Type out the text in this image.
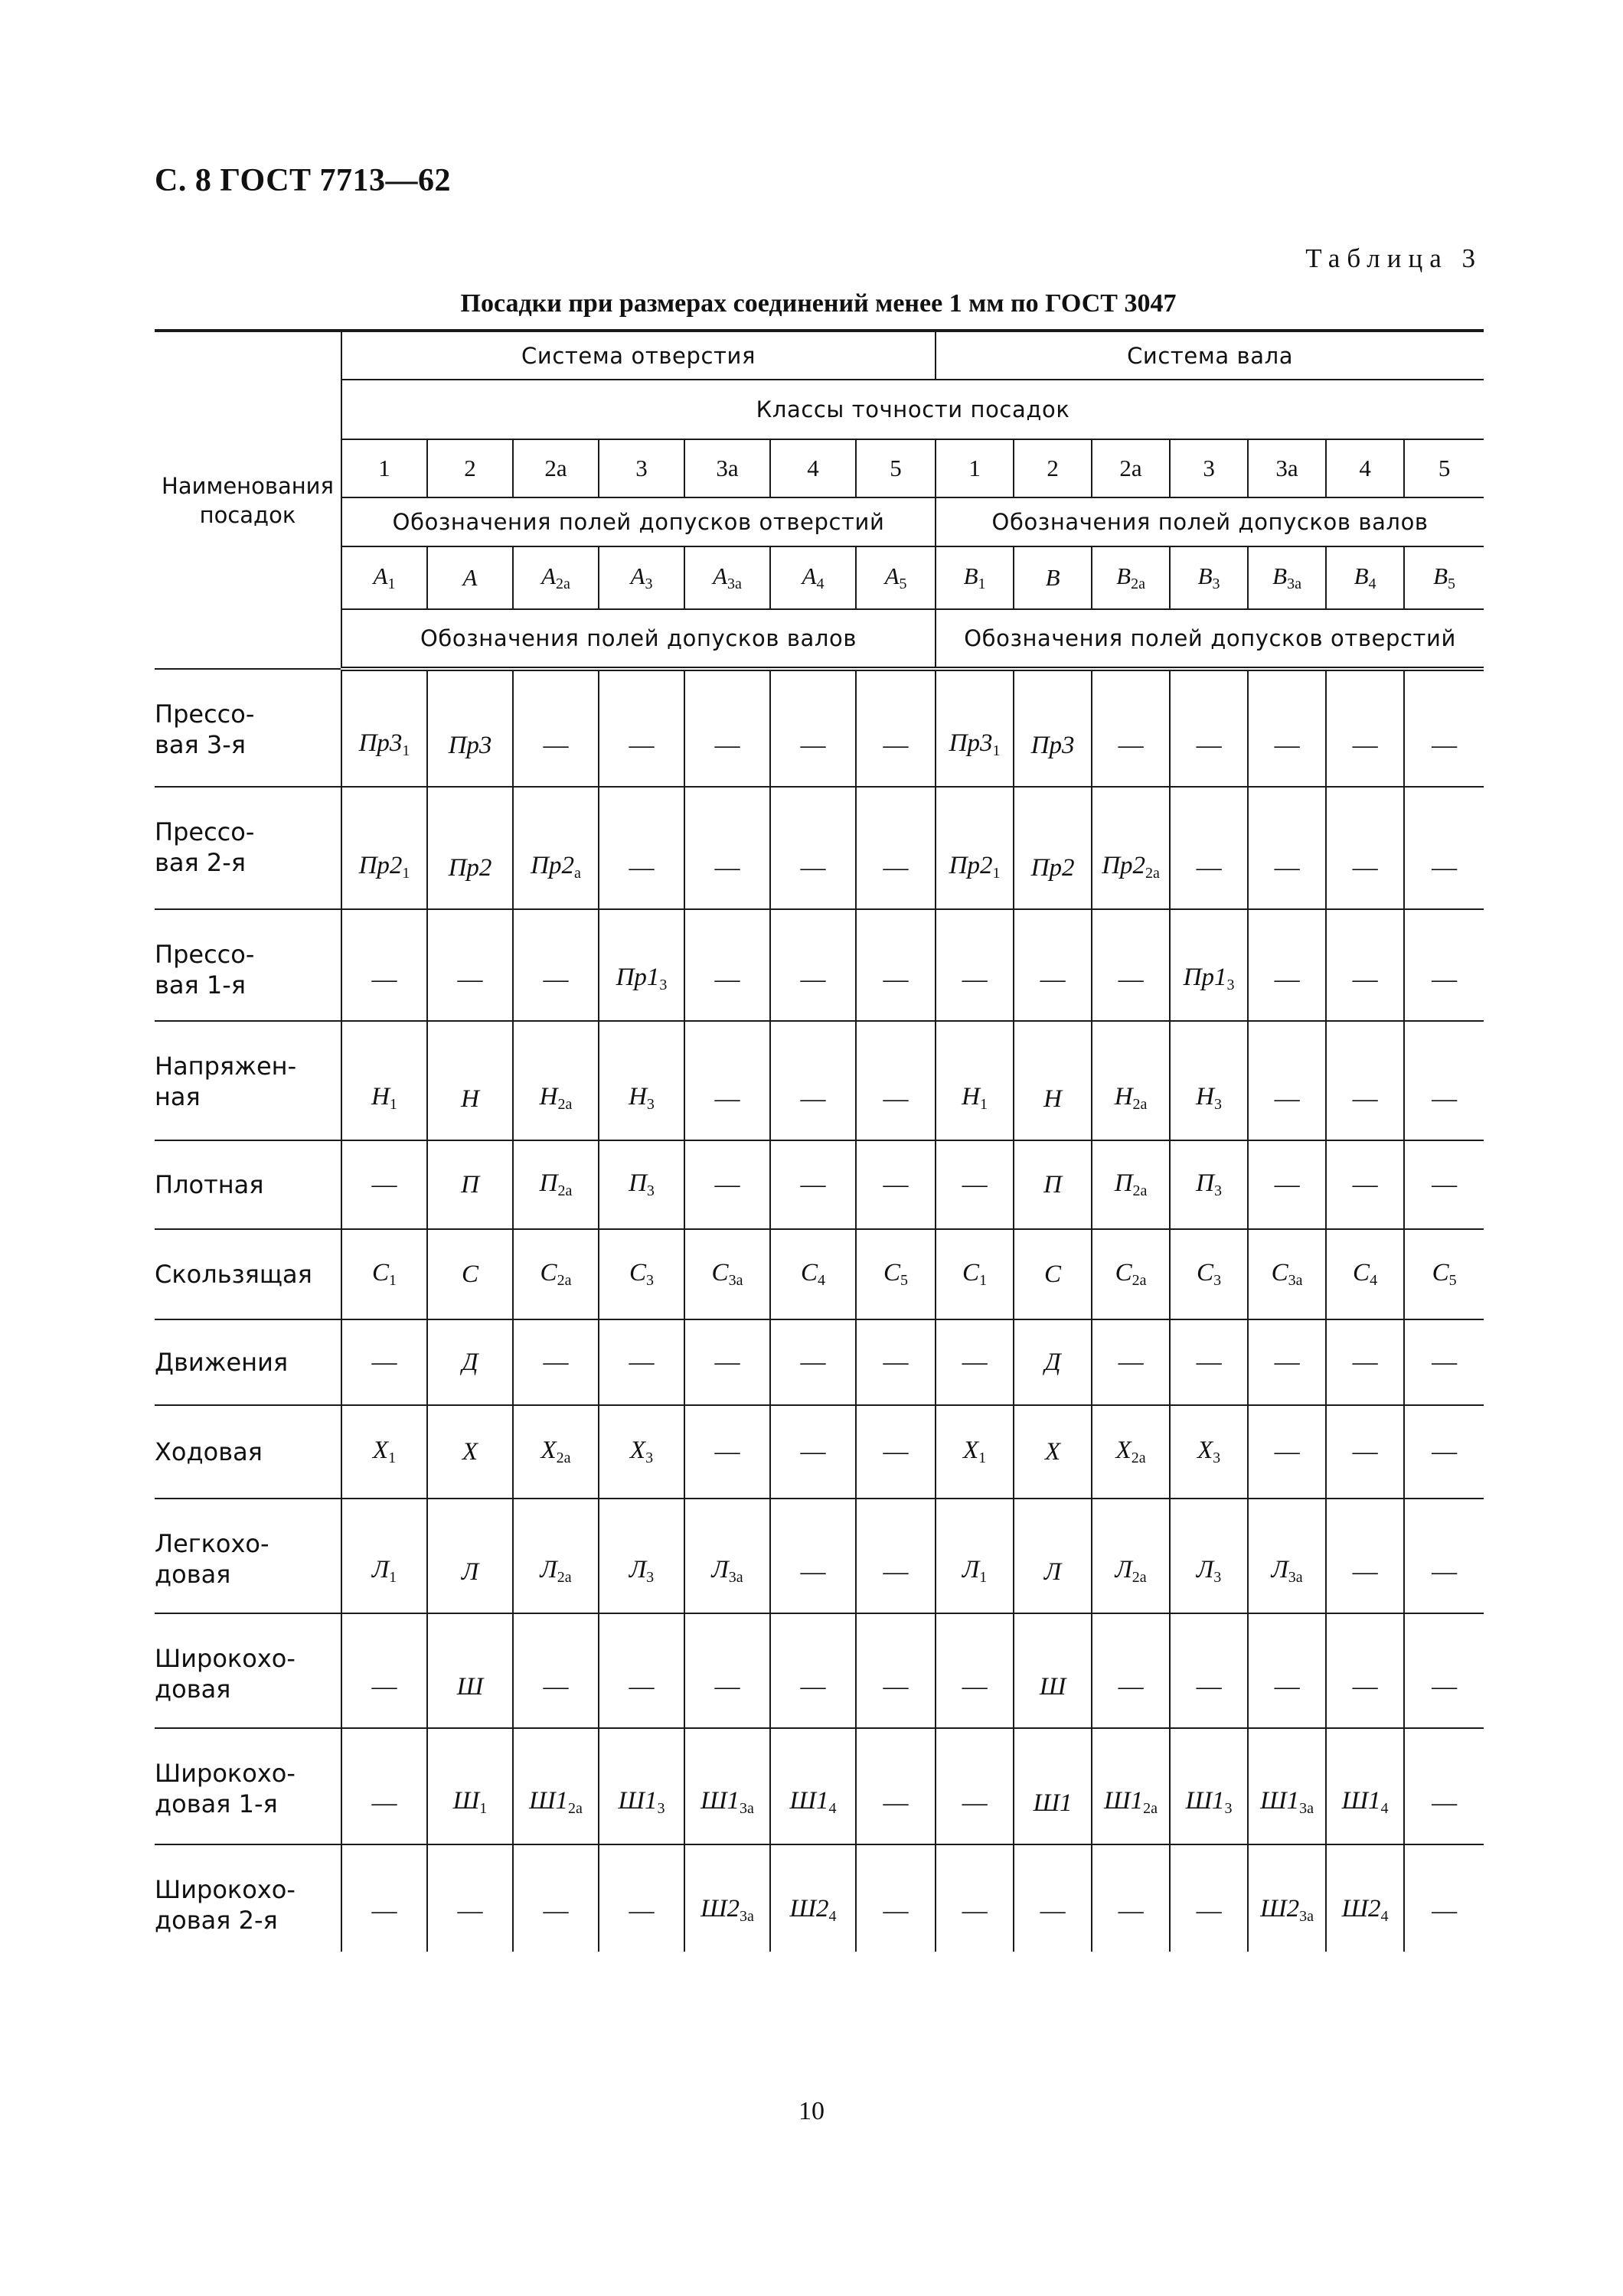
С. 8 ГОСТ 7713—62
Таблица 3
Посадки при размерах соединений менее 1 мм по ГОСТ 3047
Наименования посадок	Система отверстия							Система вала						
	Классы точности посадок													
	1	2	2а	3	3а	4	5	1	2	2а	3	3а	4	5
	Обозначения полей допусков отверстий							Обозначения полей допусков валов						
	$A_1$	A	$A_{2а}$	$A_3$	$A_{3а}$	$A_4$	$A_5$	$B_1$	B	$B_{2а}$	$B_3$	$B_{3а}$	$B_4$	$B_5$
	Обозначения полей допусков валов							Обозначения полей допусков отверстий						

Прессо-
вая 3-я	$Пр3_1$	Пр3	—	—	—	—	—	$Пр3_1$	Пр3	—	—	—	—	—

Прессо-
вая 2-я	$Пр2_1$	Пр2	$Пр2_а$	—	—	—	—	$Пр2_1$	Пр2	$Пр2_{2а}$	—	—	—	—

Прессо-
вая 1-я	—	—	—	$Пр1_3$	—	—	—	—	—	—	$Пр1_3$	—	—	—

Напряжен-
ная	$Н_1$	Н	$Н_{2а}$	$Н_3$	—	—	—	$Н_1$	Н	$Н_{2а}$	$Н_3$	—	—	—

Плотная	—	П	$П_{2а}$	$П_3$	—	—	—	—	П	$П_{2а}$	$П_3$	—	—	—

Скользящая	$С_1$	С	$С_{2а}$	$С_3$	$С_{3а}$	$С_4$	$С_5$	$С_1$	С	$С_{2а}$	$С_3$	$С_{3а}$	$С_4$	$С_5$

Движения	—	Д	—	—	—	—	—	—	Д	—	—	—	—	—

Ходовая	$Х_1$	Х	$Х_{2а}$	$Х_3$	—	—	—	$Х_1$	Х	$Х_{2а}$	$Х_3$	—	—	—

Легкохо-
довая	$Л_1$	Л	$Л_{2а}$	$Л_3$	$Л_{3а}$	—	—	$Л_1$	Л	$Л_{2а}$	$Л_3$	$Л_{3а}$	—	—

Широкохо-
довая	—	Ш	—	—	—	—	—	—	Ш	—	—	—	—	—

Широкохо-
довая 1-я	—	$Ш_1$	$Ш1_{2а}$	$Ш1_3$	$Ш1_{3а}$	$Ш1_4$	—	—	Ш1	$Ш1_{2а}$	$Ш1_3$	$Ш1_{3а}$	$Ш1_4$	—

Широкохо-
довая 2-я	—	—	—	—	$Ш2_{3а}$	$Ш2_4$	—	—	—	—	—	$Ш2_{3а}$	$Ш2_4$	—
10
